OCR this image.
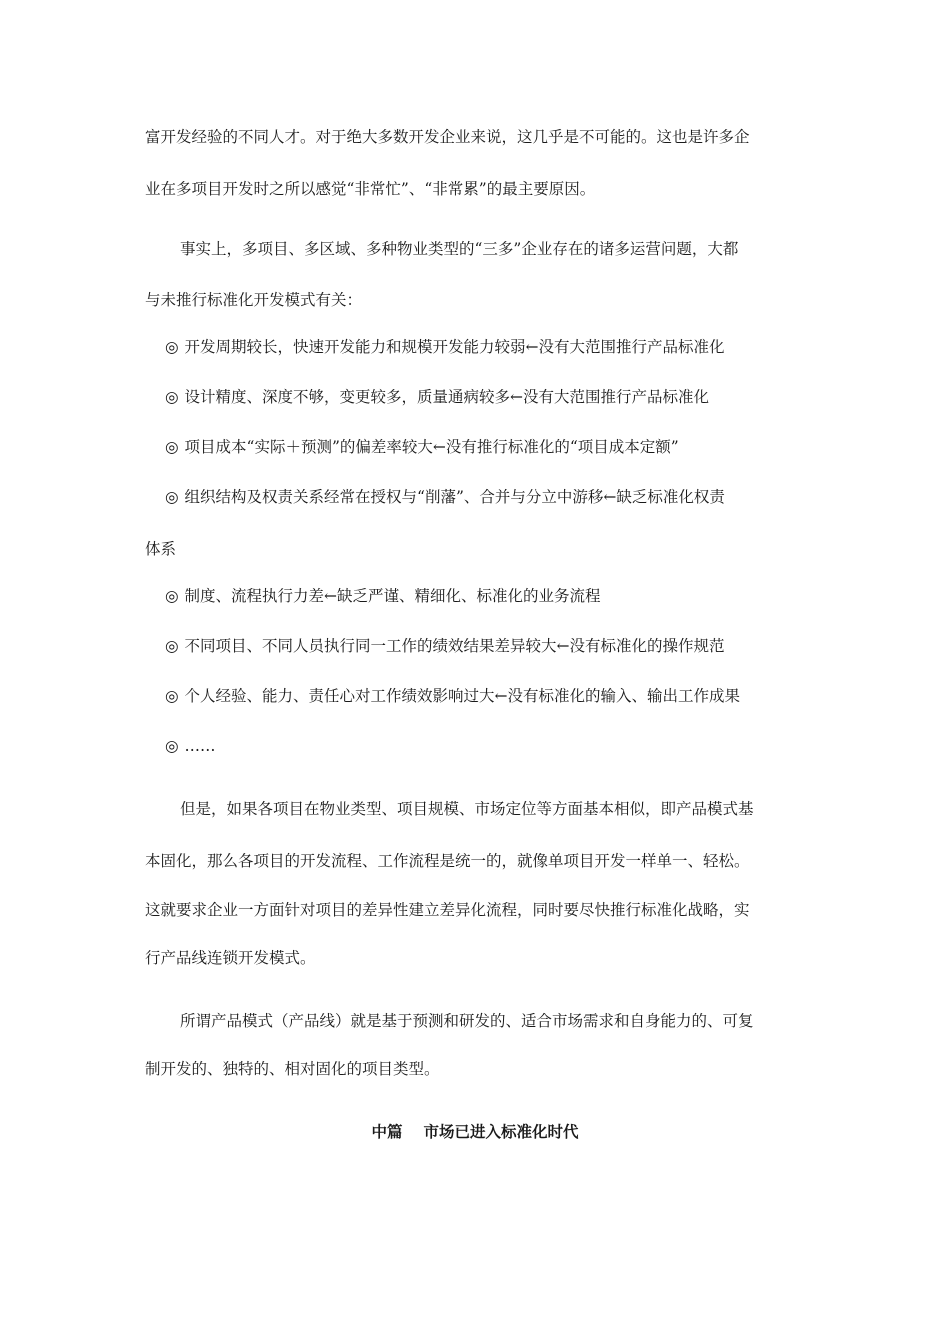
富开发经验的不同人才。对于绝大多数开发企业来说，这几乎是不可能的。这也是许多企
业在多项目开发时之所以感觉“非常忙”、“非常累”的最主要原因。
事实上，多项目、多区域、多种物业类型的“三多”企业存在的诸多运营问题，大都
与未推行标准化开发模式有关：
◎ 开发周期较长，快速开发能力和规模开发能力较弱←没有大范围推行产品标准化
◎ 设计精度、深度不够，变更较多，质量通病较多←没有大范围推行产品标准化
◎ 项目成本“实际＋预测”的偏差率较大←没有推行标准化的“项目成本定额”
◎ 组织结构及权责关系经常在授权与“削藩”、合并与分立中游移←缺乏标准化权责
体系
◎ 制度、流程执行力差←缺乏严谨、精细化、标准化的业务流程
◎ 不同项目、不同人员执行同一工作的绩效结果差异较大←没有标准化的操作规范
◎ 个人经验、能力、责任心对工作绩效影响过大←没有标准化的输入、输出工作成果
◎ ……
但是，如果各项目在物业类型、项目规模、市场定位等方面基本相似，即产品模式基
本固化，那么各项目的开发流程、工作流程是统一的，就像单项目开发一样单一、轻松。
这就要求企业一方面针对项目的差异性建立差异化流程，同时要尽快推行标准化战略，实
行产品线连锁开发模式。
所谓产品模式（产品线）就是基于预测和研发的、适合市场需求和自身能力的、可复
制开发的、独特的、相对固化的项目类型。
中篇　 市场已进入标准化时代
